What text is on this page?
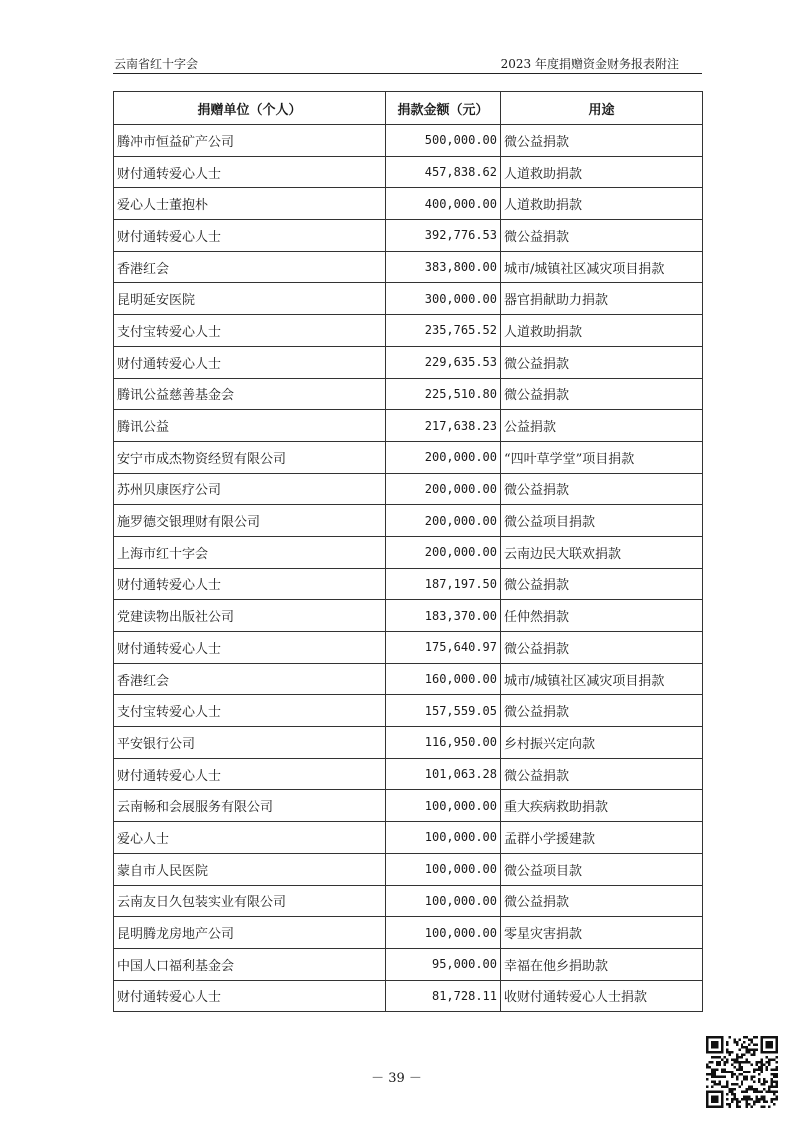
云南省红十字会	2023 年度捐赠资金财务报表附注
捐赠单位（个人）	捐款金额（元）	用途
腾冲市恒益矿产公司	500,000.00	微公益捐款
财付通转爱心人士	457,838.62	人道救助捐款
爱心人士董抱朴	400,000.00	人道救助捐款
财付通转爱心人士	392,776.53	微公益捐款
香港红会	383,800.00	城市/城镇社区减灾项目捐款
昆明延安医院	300,000.00	器官捐献助力捐款
支付宝转爱心人士	235,765.52	人道救助捐款
财付通转爱心人士	229,635.53	微公益捐款
腾讯公益慈善基金会	225,510.80	微公益捐款
腾讯公益	217,638.23	公益捐款
安宁市成杰物资经贸有限公司	200,000.00	“四叶草学堂”项目捐款
苏州贝康医疗公司	200,000.00	微公益捐款
施罗德交银理财有限公司	200,000.00	微公益项目捐款
上海市红十字会	200,000.00	云南边民大联欢捐款
财付通转爱心人士	187,197.50	微公益捐款
党建读物出版社公司	183,370.00	任仲然捐款
财付通转爱心人士	175,640.97	微公益捐款
香港红会	160,000.00	城市/城镇社区减灾项目捐款
支付宝转爱心人士	157,559.05	微公益捐款
平安银行公司	116,950.00	乡村振兴定向款
财付通转爱心人士	101,063.28	微公益捐款
云南畅和会展服务有限公司	100,000.00	重大疾病救助捐款
爱心人士	100,000.00	孟群小学援建款
蒙自市人民医院	100,000.00	微公益项目款
云南友日久包装实业有限公司	100,000.00	微公益捐款
昆明腾龙房地产公司	100,000.00	零星灾害捐款
中国人口福利基金会	95,000.00	幸福在他乡捐助款
财付通转爱心人士	81,728.11	收财付通转爱心人士捐款
－ 39 －
